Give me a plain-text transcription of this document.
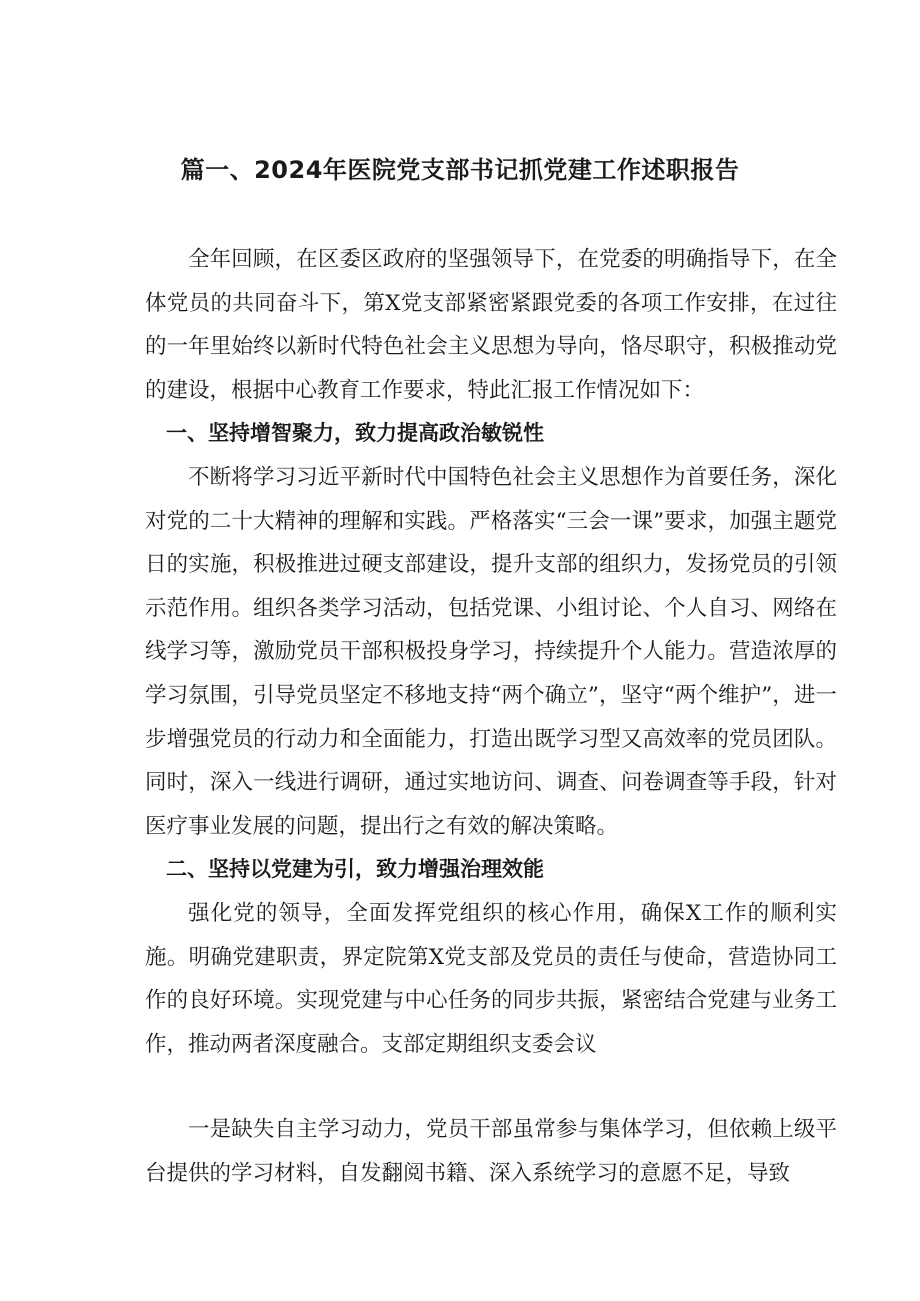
篇一、2024年医院党支部书记抓党建工作述职报告

全年回顾，在区委区政府的坚强领导下，在党委的明确指导下，在全体党员的共同奋斗下，第X党支部紧密紧跟党委的各项工作安排，在过往的一年里始终以新时代特色社会主义思想为导向，恪尽职守，积极推动党的建设，根据中心教育工作要求，特此汇报工作情况如下：

一、坚持增智聚力，致力提高政治敏锐性

不断将学习习近平新时代中国特色社会主义思想作为首要任务，深化对党的二十大精神的理解和实践。严格落实“三会一课”要求，加强主题党日的实施，积极推进过硬支部建设，提升支部的组织力，发扬党员的引领示范作用。组织各类学习活动，包括党课、小组讨论、个人自习、网络在线学习等，激励党员干部积极投身学习，持续提升个人能力。营造浓厚的学习氛围，引导党员坚定不移地支持“两个确立”，坚守“两个维护”，进一步增强党员的行动力和全面能力，打造出既学习型又高效率的党员团队。同时，深入一线进行调研，通过实地访问、调查、问卷调查等手段，针对医疗事业发展的问题，提出行之有效的解决策略。

二、坚持以党建为引，致力增强治理效能

强化党的领导，全面发挥党组织的核心作用，确保X工作的顺利实施。明确党建职责，界定院第X党支部及党员的责任与使命，营造协同工作的良好环境。实现党建与中心任务的同步共振，紧密结合党建与业务工作，推动两者深度融合。支部定期组织支委会议

一是缺失自主学习动力，党员干部虽常参与集体学习，但依赖上级平台提供的学习材料，自发翻阅书籍、深入系统学习的意愿不足，导致
